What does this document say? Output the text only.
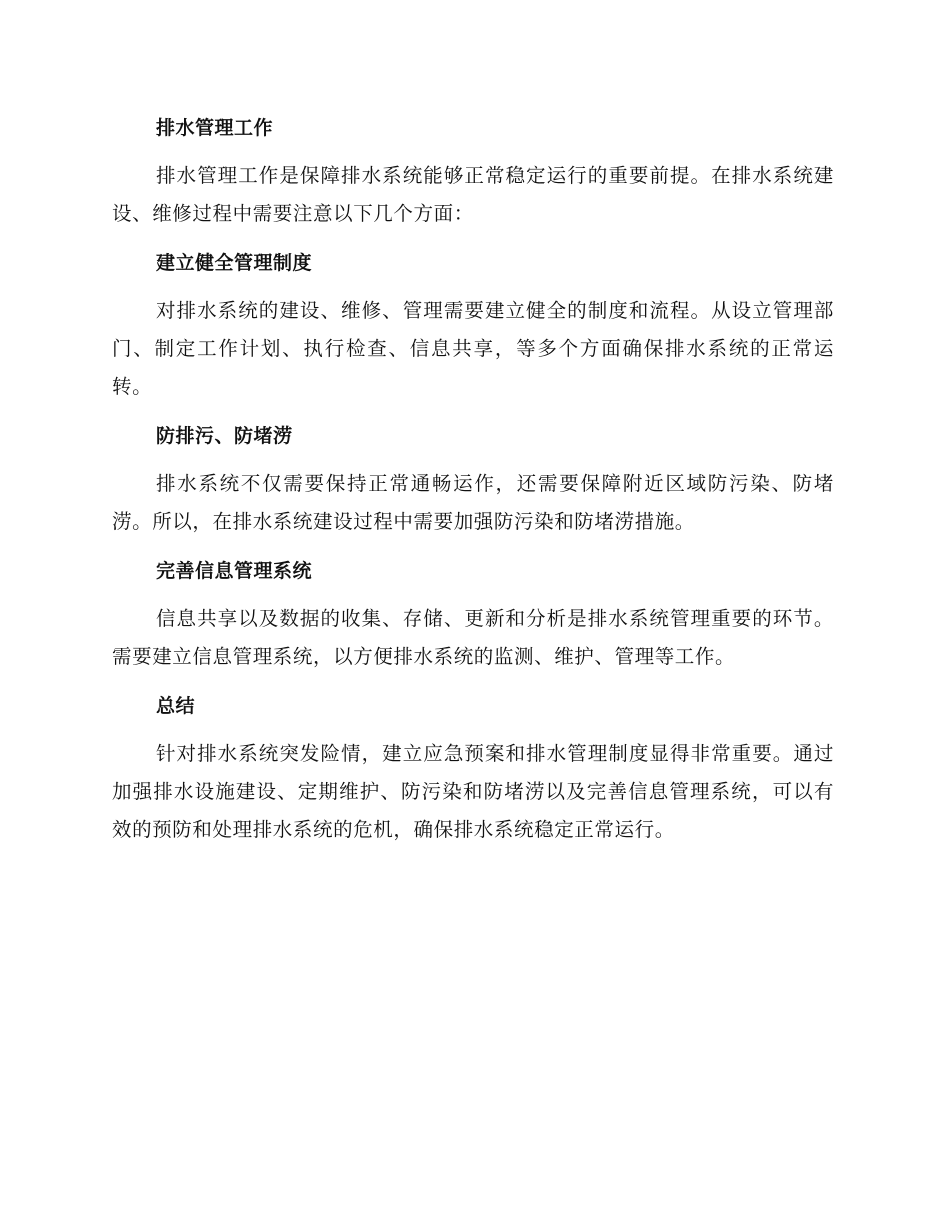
排水管理工作

排水管理工作是保障排水系统能够正常稳定运行的重要前提。在排水系统建设、维修过程中需要注意以下几个方面：

建立健全管理制度

对排水系统的建设、维修、管理需要建立健全的制度和流程。从设立管理部门、制定工作计划、执行检查、信息共享，等多个方面确保排水系统的正常运转。

防排污、防堵涝

排水系统不仅需要保持正常通畅运作，还需要保障附近区域防污染、防堵涝。所以，在排水系统建设过程中需要加强防污染和防堵涝措施。

完善信息管理系统

信息共享以及数据的收集、存储、更新和分析是排水系统管理重要的环节。需要建立信息管理系统，以方便排水系统的监测、维护、管理等工作。

总结

针对排水系统突发险情，建立应急预案和排水管理制度显得非常重要。通过加强排水设施建设、定期维护、防污染和防堵涝以及完善信息管理系统，可以有效的预防和处理排水系统的危机，确保排水系统稳定正常运行。
